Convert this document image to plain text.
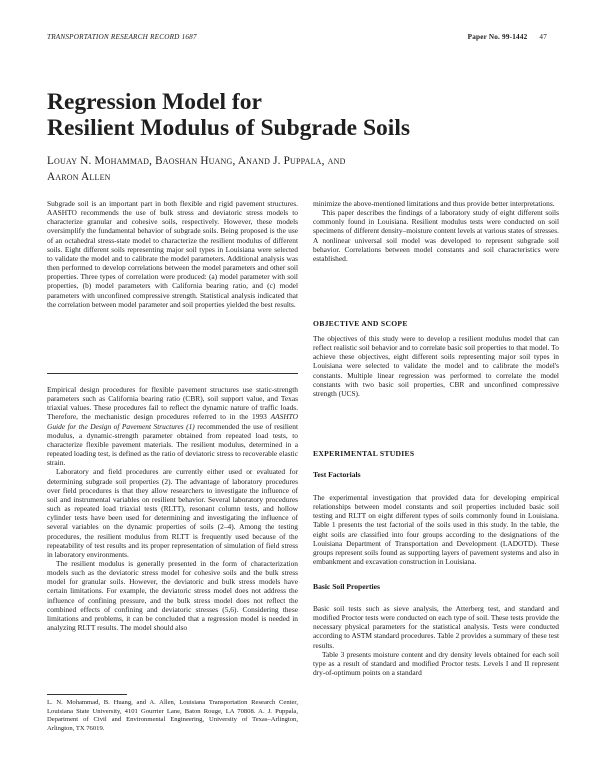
TRANSPORTATION RESEARCH RECORD 1687	Paper No. 99-1442 47
Regression Model for
Resilient Modulus of Subgrade Soils
Louay N. Mohammad, Baoshan Huang, Anand J. Puppala, and
Aaron Allen

Subgrade soil is an important part in both flexible and rigid pavement structures. AASHTO recommends the use of bulk stress and deviatoric stress models to characterize granular and cohesive soils, respectively. However, these models oversimplify the fundamental behavior of subgrade soils. Being proposed is the use of an octahedral stress-state model to characterize the resilient modulus of different soils. Eight different soils representing major soil types in Louisiana were selected to validate the model and to calibrate the model parameters. Additional analysis was then performed to develop correlations between the model parameters and other soil properties. Three types of correlation were produced: (a) model parameter with soil properties, (b) model parameters with California bearing ratio, and (c) model parameters with unconfined compressive strength. Statistical analysis indicated that the correlation between model parameter and soil properties yielded the best results.

Empirical design procedures for flexible pavement structures use static-strength parameters such as California bearing ratio (CBR), soil support value, and Texas triaxial values. These procedures fail to reflect the dynamic nature of traffic loads. Therefore, the mechanistic design procedures referred to in the 1993 AASHTO Guide for the Design of Pavement Structures (1) recommended the use of resilient modulus, a dynamic-strength parameter obtained from repeated load tests, to characterize flexible pavement materials. The resilient modulus, determined in a repeated loading test, is defined as the ratio of deviatoric stress to recoverable elastic strain.

Laboratory and field procedures are currently either used or evaluated for determining subgrade soil properties (2). The advantage of laboratory procedures over field procedures is that they allow researchers to investigate the influence of soil and instrumental variables on resilient behavior. Several laboratory procedures such as repeated load triaxial tests (RLTT), resonant column tests, and hollow cylinder tests have been used for determining and investigating the influence of several variables on the dynamic properties of soils (2–4). Among the testing procedures, the resilient modulus from RLTT is frequently used because of the repeatability of test results and its proper representation of simulation of field stress in laboratory environments.

The resilient modulus is generally presented in the form of characterization models such as the deviatoric stress model for cohesive soils and the bulk stress model for granular soils. However, the deviatoric and bulk stress models have certain limitations. For example, the deviatoric stress model does not address the influence of confining pressure, and the bulk stress model does not reflect the combined effects of confining and deviatoric stresses (5,6). Considering these limitations and problems, it can be concluded that a regression model is needed in analyzing RLTT results. The model should also

L. N. Mohammad, B. Huang, and A. Allen, Louisiana Transportation Research Center, Louisiana State University, 4101 Gourrier Lane, Baton Rouge, LA 70808. A. J. Puppala, Department of Civil and Environmental Engineering, University of Texas–Arlington, Arlington, TX 76019.

minimize the above-mentioned limitations and thus provide better interpretations.

This paper describes the findings of a laboratory study of eight different soils commonly found in Louisiana. Resilient modulus tests were conducted on soil specimens of different density–moisture content levels at various states of stresses. A nonlinear universal soil model was developed to represent subgrade soil behavior. Correlations between model constants and soil characteristics were established.

OBJECTIVE AND SCOPE

The objectives of this study were to develop a resilient modulus model that can reflect realistic soil behavior and to correlate basic soil properties to that model. To achieve these objectives, eight different soils representing major soil types in Louisiana were selected to validate the model and to calibrate the model's constants. Multiple linear regression was performed to correlate the model constants with two basic soil properties, CBR and unconfined compressive strength (UCS).

EXPERIMENTAL STUDIES
Test Factorials

The experimental investigation that provided data for developing empirical relationships between model constants and soil properties included basic soil testing and RLTT on eight different types of soils commonly found in Louisiana. Table 1 presents the test factorial of the soils used in this study. In the table, the eight soils are classified into four groups according to the designations of the Louisiana Department of Transportation and Development (LADOTD). These groups represent soils found as supporting layers of pavement systems and also in embankment and excavation construction in Louisiana.

Basic Soil Properties

Basic soil tests such as sieve analysis, the Atterberg test, and standard and modified Proctor tests were conducted on each type of soil. These tests provide the necessary physical parameters for the statistical analysis. Tests were conducted according to ASTM standard procedures. Table 2 provides a summary of these test results.

Table 3 presents moisture content and dry density levels obtained for each soil type as a result of standard and modified Proctor tests. Levels I and II represent dry-of-optimum points on a standard
